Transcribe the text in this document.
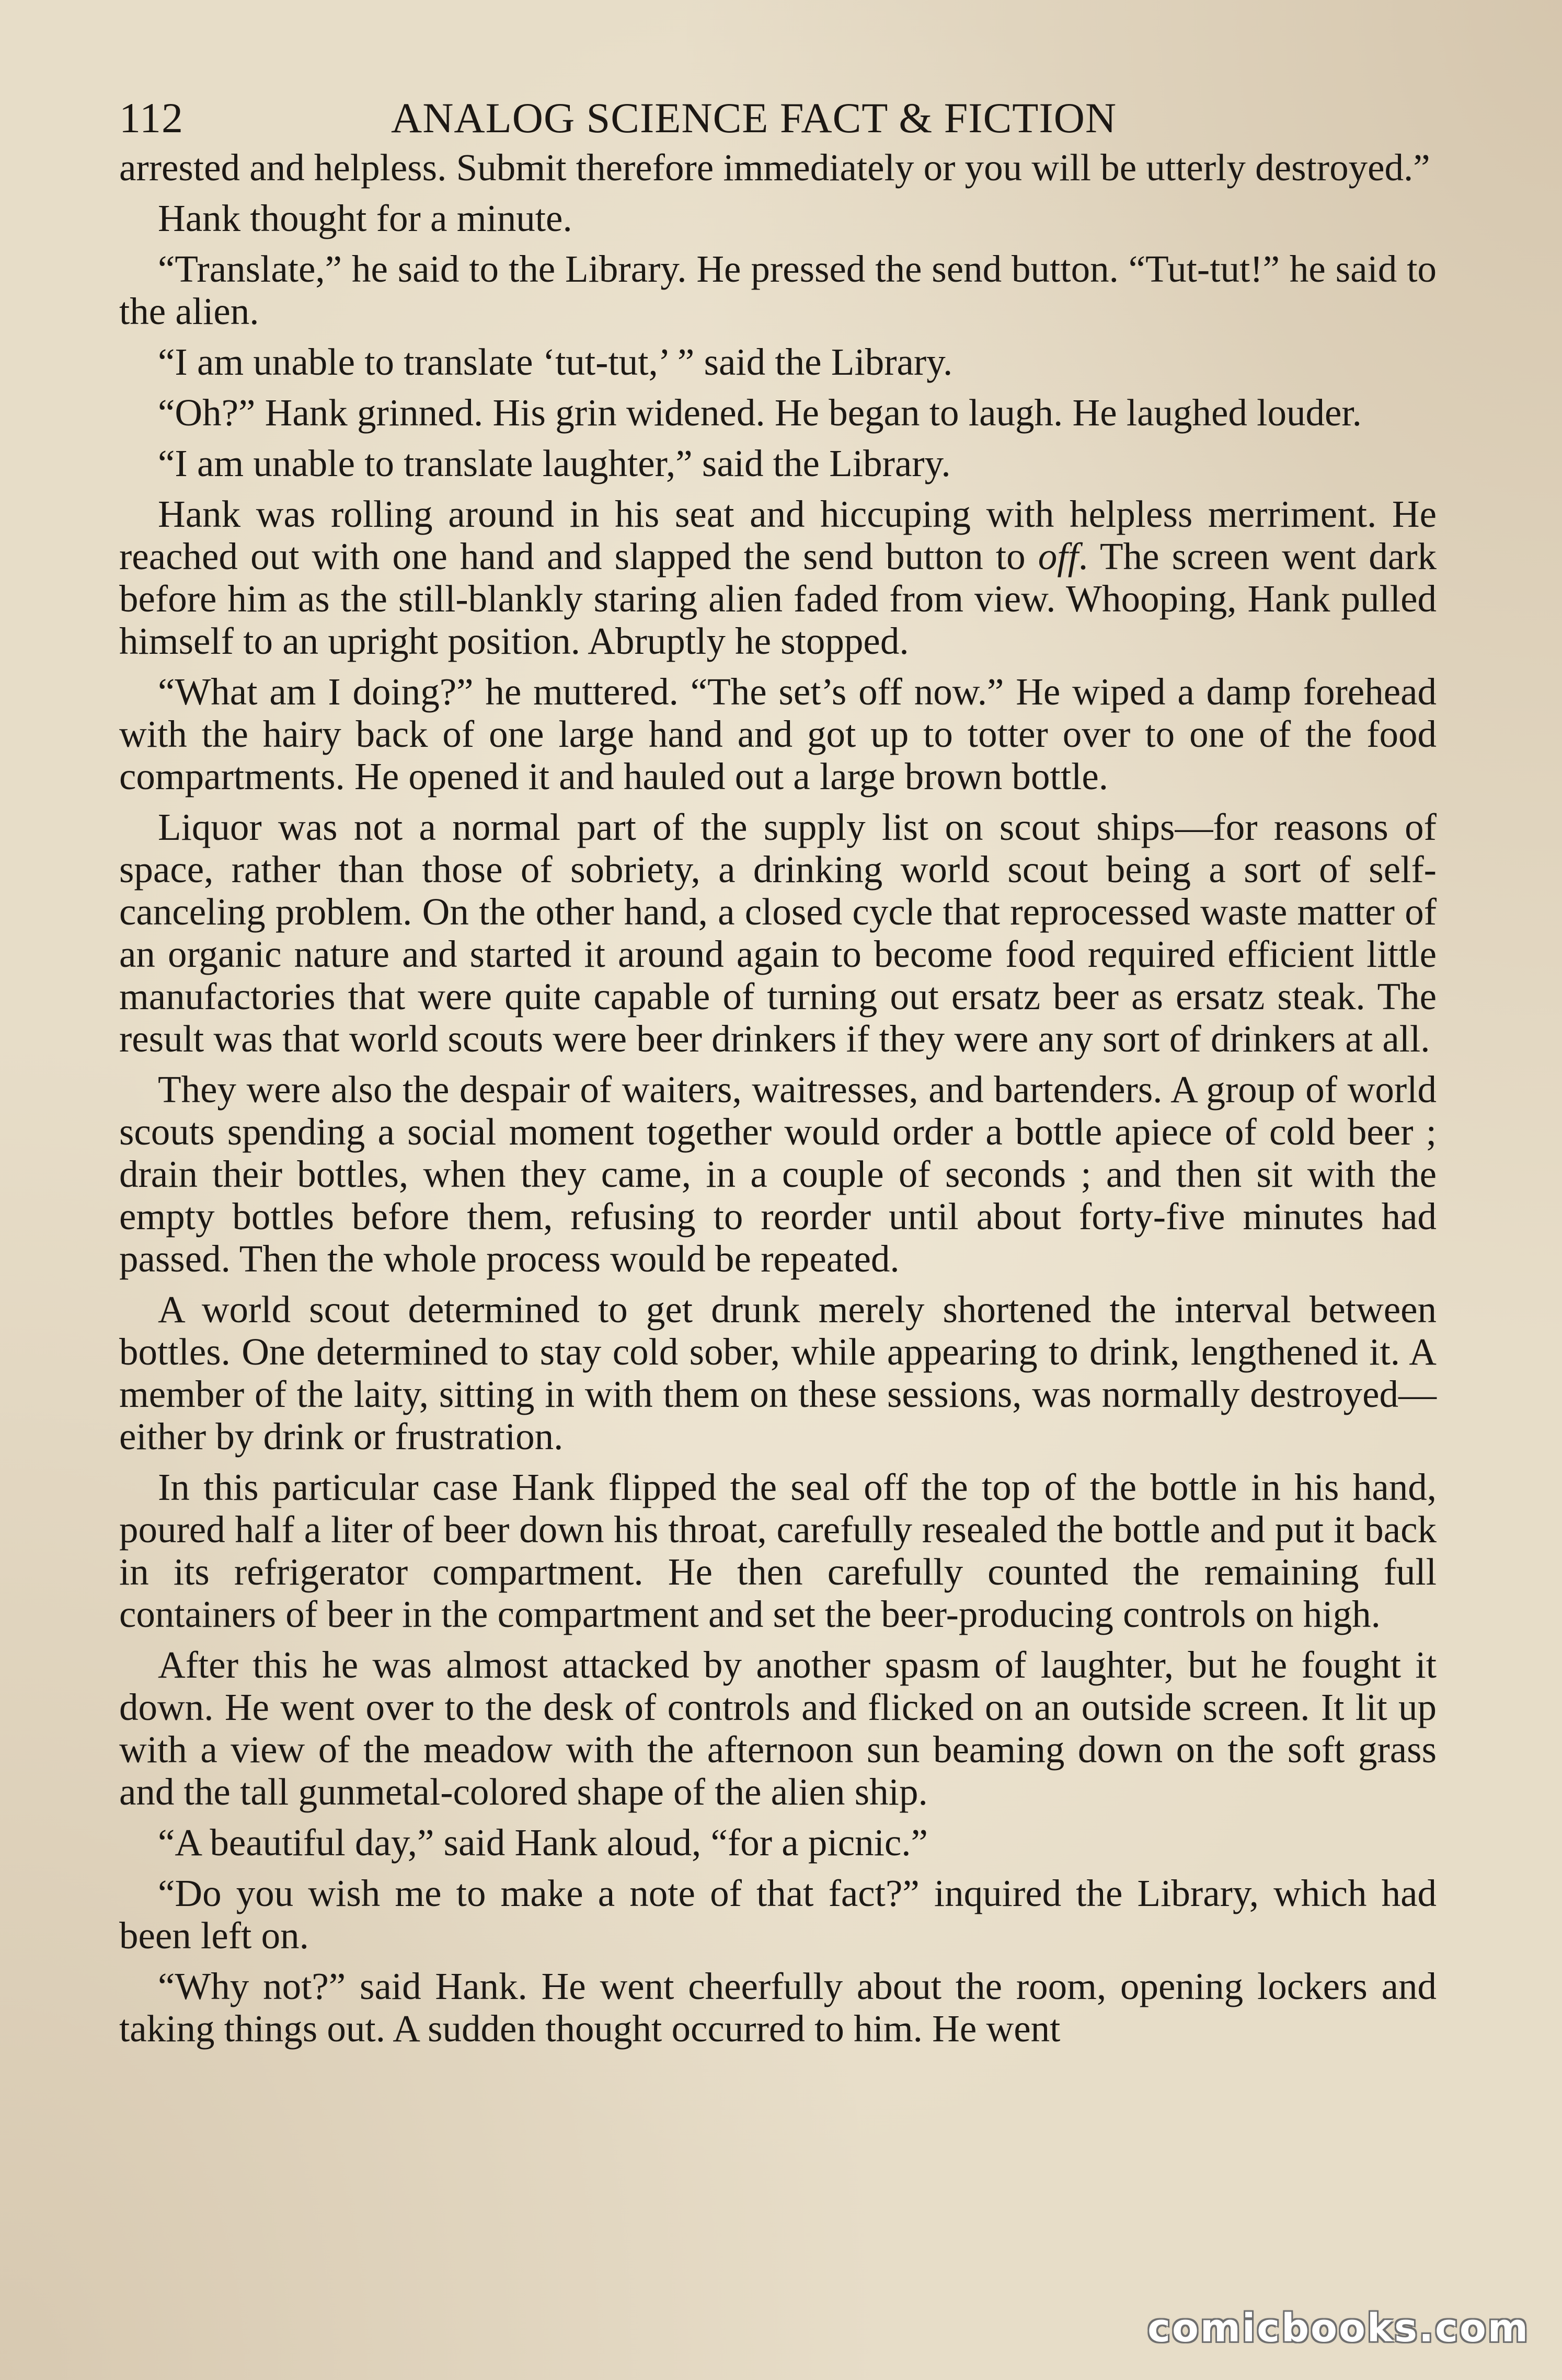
112	ANALOG SCIENCE FACT & FICTION

arrested and helpless. Submit therefore immediately or you will be utterly destroyed.”

Hank thought for a minute.

“Translate,” he said to the Library. He pressed the send button. “Tut-tut!” he said to the alien.

“I am unable to translate ‘tut-tut,’ ” said the Library.

“Oh?” Hank grinned. His grin widened. He began to laugh. He laughed louder.

“I am unable to translate laughter,” said the Library.

Hank was rolling around in his seat and hiccuping with helpless merriment. He reached out with one hand and slapped the send button to off. The screen went dark before him as the still-blankly staring alien faded from view. Whooping, Hank pulled himself to an upright position. Abruptly he stopped.

“What am I doing?” he muttered. “The set’s off now.” He wiped a damp forehead with the hairy back of one large hand and got up to totter over to one of the food compartments. He opened it and hauled out a large brown bottle.

Liquor was not a normal part of the supply list on scout ships—for reasons of space, rather than those of sobriety, a drinking world scout being a sort of self-canceling problem. On the other hand, a closed cycle that reprocessed waste matter of an organic nature and started it around again to become food required efficient little manufactories that were quite capable of turning out ersatz beer as ersatz steak. The result was that world scouts were beer drinkers if they were any sort of drinkers at all.

They were also the despair of waiters, waitresses, and bartenders. A group of world scouts spending a social moment together would order a bottle apiece of cold beer ; drain their bottles, when they came, in a couple of seconds ; and then sit with the empty bottles before them, refusing to reorder until about forty-five minutes had passed. Then the whole process would be repeated.

A world scout determined to get drunk merely shortened the interval between bottles. One determined to stay cold sober, while appearing to drink, lengthened it. A member of the laity, sitting in with them on these sessions, was normally destroyed—either by drink or frustration.

In this particular case Hank flipped the seal off the top of the bottle in his hand, poured half a liter of beer down his throat, carefully resealed the bottle and put it back in its refrigerator compartment. He then carefully counted the remaining full containers of beer in the compartment and set the beer-producing controls on high.

After this he was almost attacked by another spasm of laughter, but he fought it down. He went over to the desk of controls and flicked on an outside screen. It lit up with a view of the meadow with the afternoon sun beaming down on the soft grass and the tall gunmetal-colored shape of the alien ship.

“A beautiful day,” said Hank aloud, “for a picnic.”

“Do you wish me to make a note of that fact?” inquired the Library, which had been left on.

“Why not?” said Hank. He went cheerfully about the room, opening lockers and taking things out. A sudden thought occurred to him. He went

comicbooks.com
